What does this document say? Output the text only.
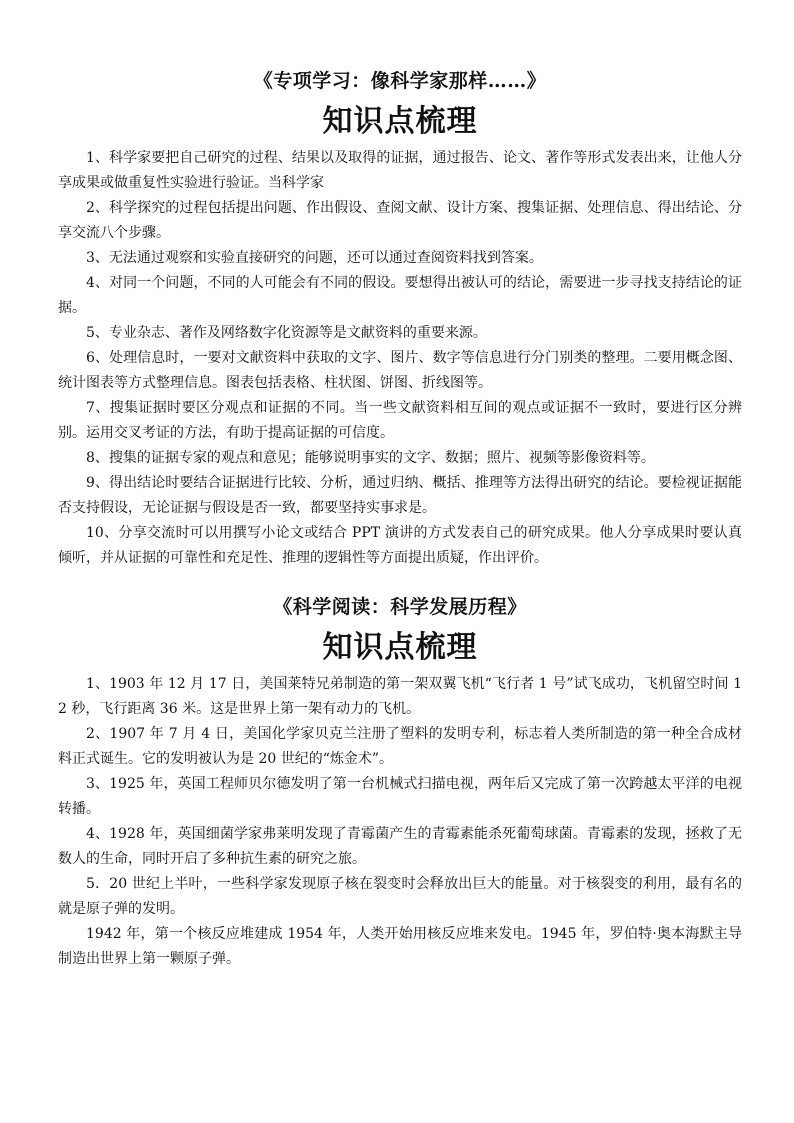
《专项学习：像科学家那样……》

知识点梳理

1、科学家要把自己研究的过程、结果以及取得的证据，通过报告、论文、著作等形式发表出来，让他人分享成果或做重复性实验进行验证。当科学家

2、科学探究的过程包括提出问题、作出假设、查阅文献、设计方案、搜集证据、处理信息、得出结论、分享交流八个步骤。

3、无法通过观察和实验直接研究的问题，还可以通过查阅资料找到答案。

4、对同一个问题，不同的人可能会有不同的假设。要想得出被认可的结论，需要进一步寻找支持结论的证据。

5、专业杂志、著作及网络数字化资源等是文献资料的重要来源。

6、处理信息时，一要对文献资料中获取的文字、图片、数字等信息进行分门别类的整理。二要用概念图、统计图表等方式整理信息。图表包括表格、柱状图、饼图、折线图等。

7、搜集证据时要区分观点和证据的不同。当一些文献资料相互间的观点或证据不一致时，要进行区分辨别。运用交叉考证的方法，有助于提高证据的可信度。

8、搜集的证据专家的观点和意见；能够说明事实的文字、数据；照片、视频等影像资料等。

9、得出结论时要结合证据进行比较、分析，通过归纳、概括、推理等方法得出研究的结论。要检视证据能否支持假设，无论证据与假设是否一致，都要坚持实事求是。

10、分享交流时可以用撰写小论文或结合 PPT 演讲的方式发表自己的研究成果。他人分享成果时要认真倾听，并从证据的可靠性和充足性、推理的逻辑性等方面提出质疑，作出评价。

《科学阅读：科学发展历程》

知识点梳理

1、1903 年 12 月 17 日，美国莱特兄弟制造的第一架双翼飞机“飞行者 1 号”试飞成功，飞机留空时间 12 秒，飞行距离 36 米。这是世界上第一架有动力的飞机。

2、1907 年 7 月 4 日，美国化学家贝克兰注册了塑料的发明专利，标志着人类所制造的第一种全合成材料正式诞生。它的发明被认为是 20 世纪的“炼金术”。

3、1925 年，英国工程师贝尔德发明了第一台机械式扫描电视，两年后又完成了第一次跨越太平洋的电视转播。

4、1928 年，英国细菌学家弗莱明发现了青霉菌产生的青霉素能杀死葡萄球菌。青霉素的发现，拯救了无数人的生命，同时开启了多种抗生素的研究之旅。

5．20 世纪上半叶，一些科学家发现原子核在裂变时会释放出巨大的能量。对于核裂变的利用，最有名的就是原子弹的发明。

1942 年，第一个核反应堆建成 1954 年，人类开始用核反应堆来发电。1945 年，罗伯特·奥本海默主导制造出世界上第一颗原子弹。
